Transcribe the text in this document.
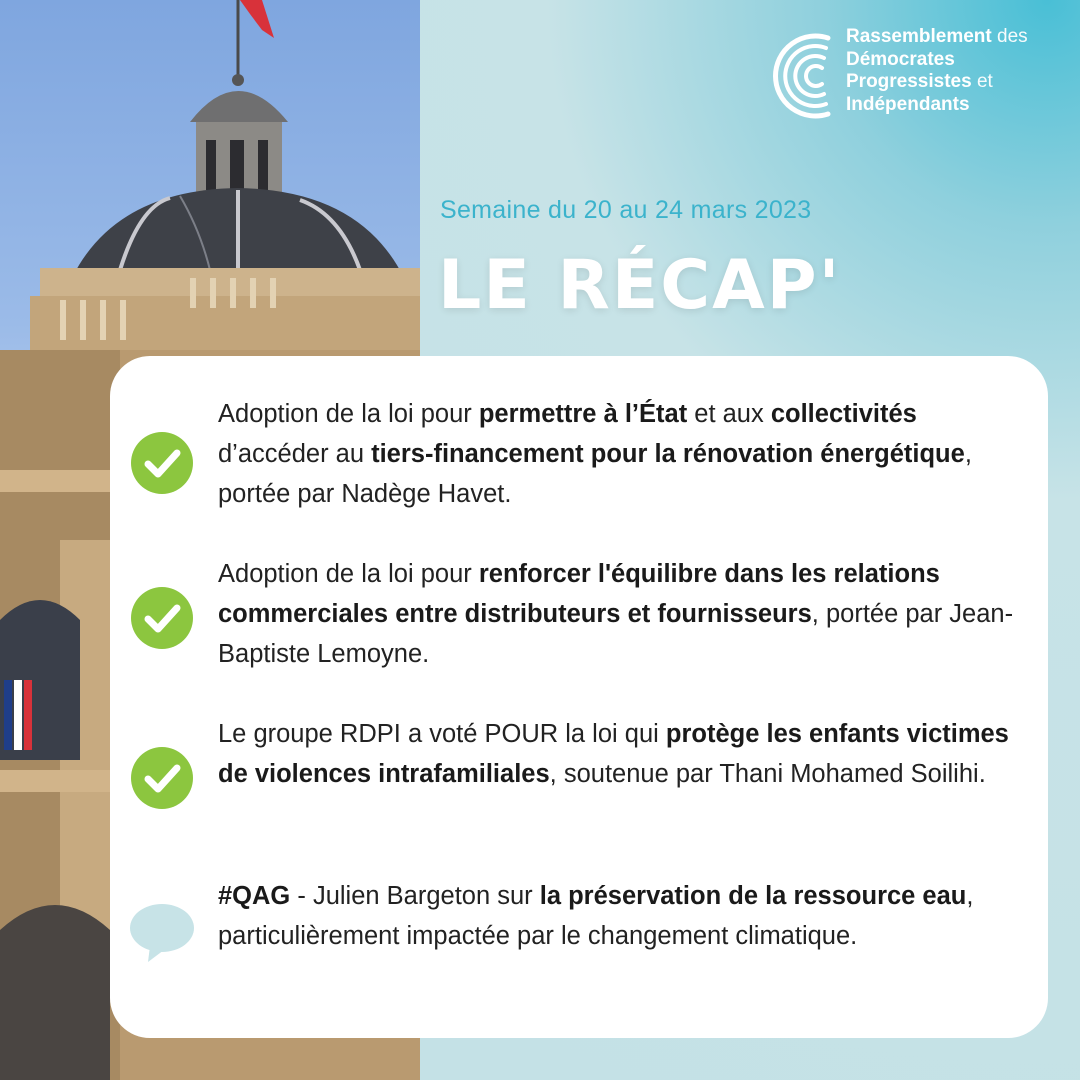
Rassemblement des
Démocrates
Progressistes et
Indépendants
Semaine du 20 au 24 mars 2023
LE RÉCAP'
Adoption de la loi pour permettre à l’État et aux collectivités d’accéder au tiers-financement pour la rénovation énergétique, portée par Nadège Havet.
Adoption de la loi pour renforcer l'équilibre dans les relations commerciales entre distributeurs et fournisseurs, portée par Jean-Baptiste Lemoyne.
Le groupe RDPI a voté POUR la loi qui protège les enfants victimes de violences intrafamiliales, soutenue par Thani Mohamed Soilihi.
#QAG - Julien Bargeton sur la préservation de la ressource eau, particulièrement impactée par le changement climatique.
